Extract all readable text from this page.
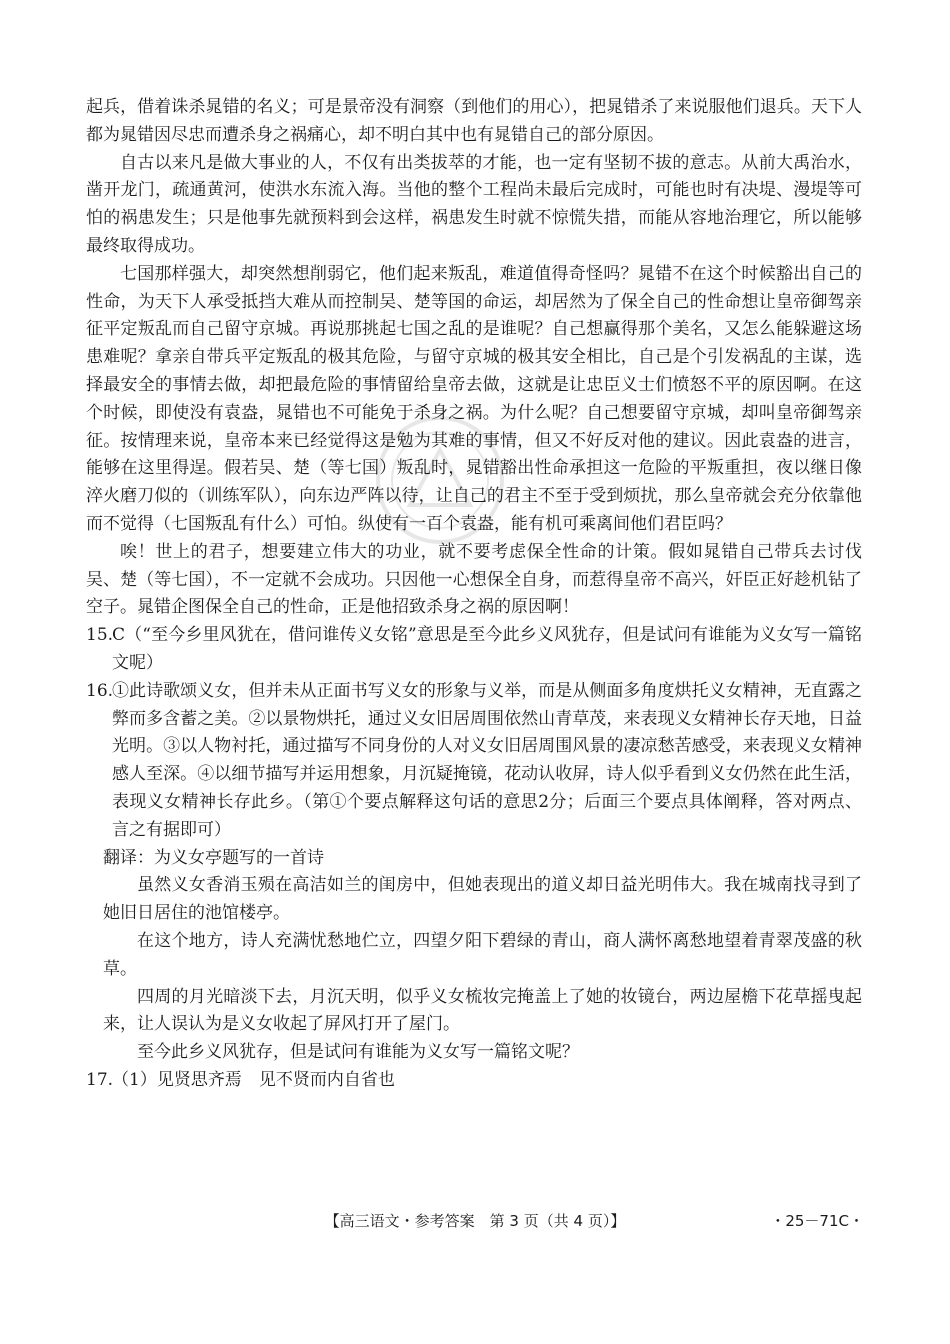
起兵，借着诛杀晁错的名义；可是景帝没有洞察（到他们的用心），把晁错杀了来说服他们退兵。天下人都为晁错因尽忠而遭杀身之祸痛心，却不明白其中也有晁错自己的部分原因。

自古以来凡是做大事业的人，不仅有出类拔萃的才能，也一定有坚韧不拔的意志。从前大禹治水，凿开龙门，疏通黄河，使洪水东流入海。当他的整个工程尚未最后完成时，可能也时有决堤、漫堤等可怕的祸患发生；只是他事先就预料到会这样，祸患发生时就不惊慌失措，而能从容地治理它，所以能够最终取得成功。

七国那样强大，却突然想削弱它，他们起来叛乱，难道值得奇怪吗？晁错不在这个时候豁出自己的性命，为天下人承受抵挡大难从而控制吴、楚等国的命运，却居然为了保全自己的性命想让皇帝御驾亲征平定叛乱而自己留守京城。再说那挑起七国之乱的是谁呢？自己想赢得那个美名，又怎么能躲避这场患难呢？拿亲自带兵平定叛乱的极其危险，与留守京城的极其安全相比，自己是个引发祸乱的主谋，选择最安全的事情去做，却把最危险的事情留给皇帝去做，这就是让忠臣义士们愤怒不平的原因啊。在这个时候，即使没有袁盎，晁错也不可能免于杀身之祸。为什么呢？自己想要留守京城，却叫皇帝御驾亲征。按情理来说，皇帝本来已经觉得这是勉为其难的事情，但又不好反对他的建议。因此袁盎的进言，能够在这里得逞。假若吴、楚（等七国）叛乱时，晁错豁出性命承担这一危险的平叛重担，夜以继日像淬火磨刀似的（训练军队），向东边严阵以待，让自己的君主不至于受到烦扰，那么皇帝就会充分依靠他而不觉得（七国叛乱有什么）可怕。纵使有一百个袁盎，能有机可乘离间他们君臣吗？

唉！世上的君子，想要建立伟大的功业，就不要考虑保全性命的计策。假如晁错自己带兵去讨伐吴、楚（等七国），不一定就不会成功。只因他一心想保全自身，而惹得皇帝不高兴，奸臣正好趁机钻了空子。晁错企图保全自己的性命，正是他招致杀身之祸的原因啊！

15.
C（“至今乡里风犹在，借问谁传义女铭”意思是至今此乡义风犹存，但是试问有谁能为义女写一篇铭文呢）
16.
①此诗歌颂义女，但并未从正面书写义女的形象与义举，而是从侧面多角度烘托义女精神，无直露之弊而多含蓄之美。②以景物烘托，通过义女旧居周围依然山青草茂，来表现义女精神长存天地，日益光明。③以人物衬托，通过描写不同身份的人对义女旧居周围风景的凄凉愁苦感受，来表现义女精神感人至深。④以细节描写并运用想象，月沉疑掩镜，花动认收屏，诗人似乎看到义女仍然在此生活，表现义女精神长存此乡。（第①个要点解释这句话的意思2分；后面三个要点具体阐释，答对两点、言之有据即可）

翻译：为义女亭题写的一首诗

虽然义女香消玉殒在高洁如兰的闺房中，但她表现出的道义却日益光明伟大。我在城南找寻到了她旧日居住的池馆楼亭。

在这个地方，诗人充满忧愁地伫立，四望夕阳下碧绿的青山，商人满怀离愁地望着青翠茂盛的秋草。

四周的月光暗淡下去，月沉天明，似乎义女梳妆完掩盖上了她的妆镜台，两边屋檐下花草摇曳起来，让人误认为是义女收起了屏风打开了屋门。

至今此乡义风犹存，但是试问有谁能为义女写一篇铭文呢？

17.
（1）见贤思齐焉　见不贤而内自省也
【高三语文・参考答案　第 3 页（共 4 页）】	・25－71C・
